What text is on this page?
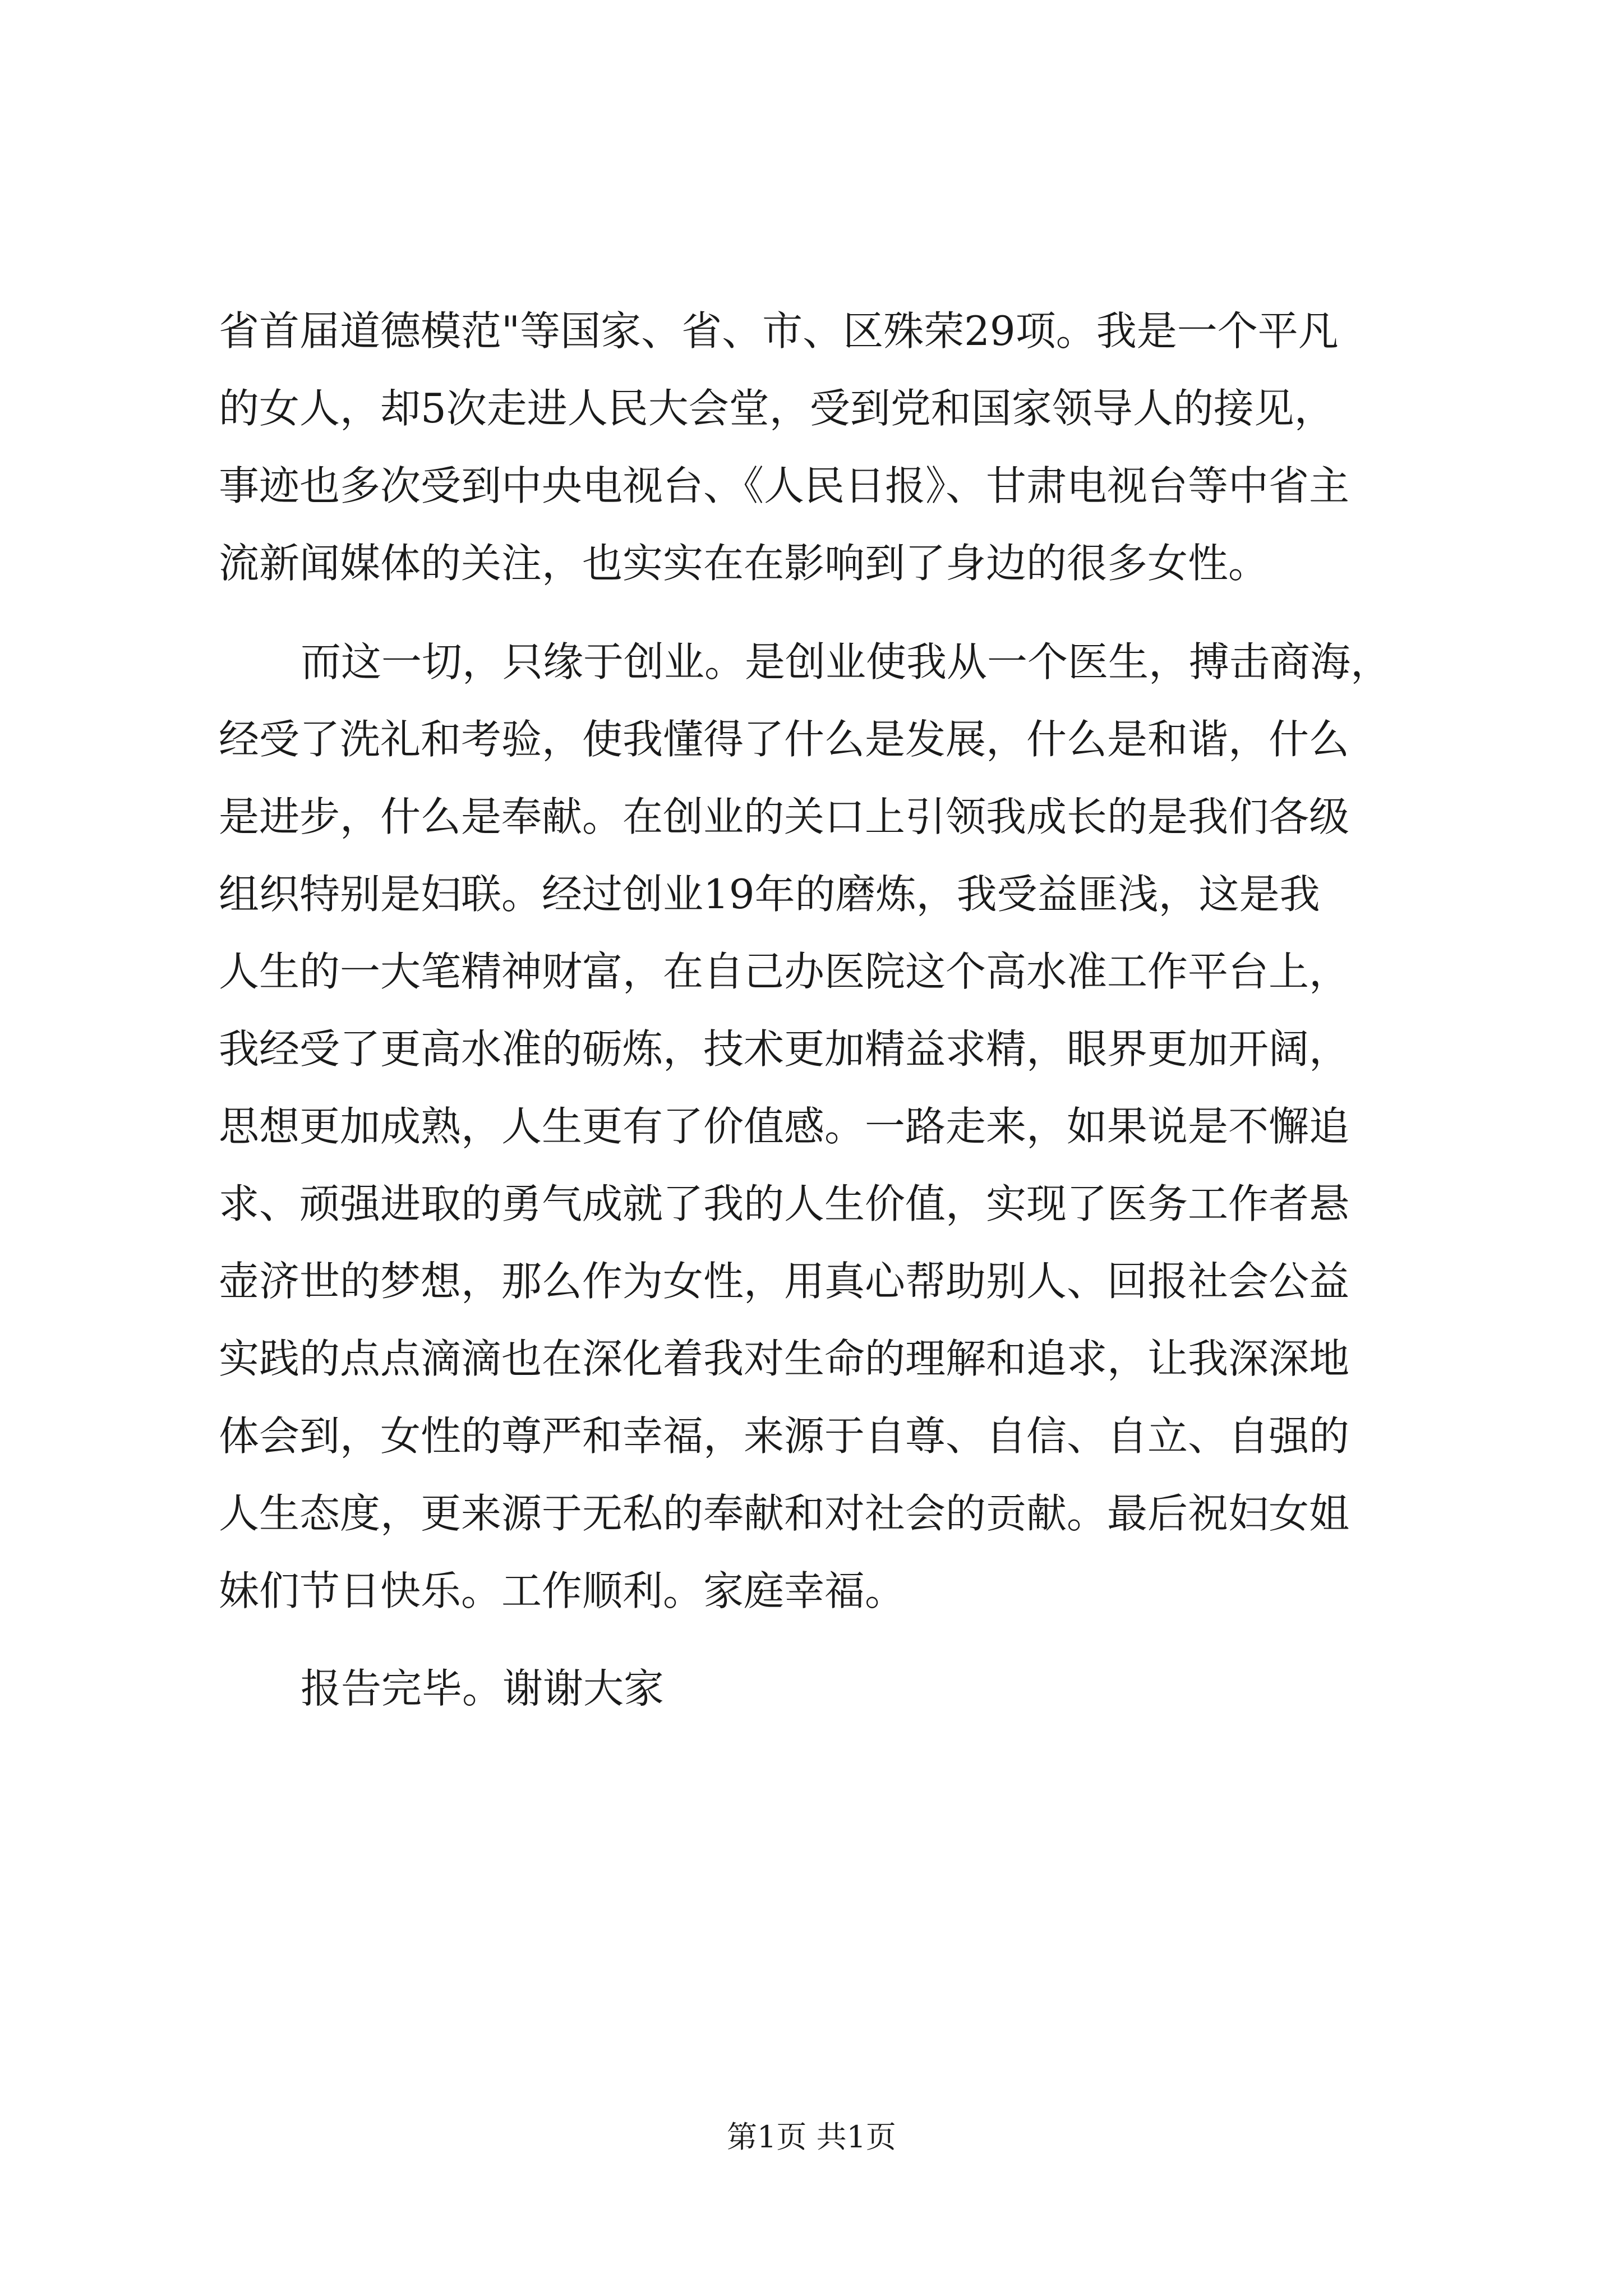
省首届道德模范"等国家、省、市、区殊荣29项。我是一个平凡
的女人，却5次走进人民大会堂，受到党和国家领导人的接见，
事迹也多次受到中央电视台、《人民日报》、甘肃电视台等中省主
流新闻媒体的关注，也实实在在影响到了身边的很多女性。
而这一切，只缘于创业。是创业使我从一个医生，搏击商海，
经受了洗礼和考验，使我懂得了什么是发展，什么是和谐，什么
是进步，什么是奉献。在创业的关口上引领我成长的是我们各级
组织特别是妇联。经过创业19年的磨炼，我受益匪浅，这是我
人生的一大笔精神财富，在自己办医院这个高水准工作平台上，
我经受了更高水准的砺炼，技术更加精益求精，眼界更加开阔，
思想更加成熟，人生更有了价值感。一路走来，如果说是不懈追
求、顽强进取的勇气成就了我的人生价值，实现了医务工作者悬
壶济世的梦想，那么作为女性，用真心帮助别人、回报社会公益
实践的点点滴滴也在深化着我对生命的理解和追求，让我深深地
体会到，女性的尊严和幸福，来源于自尊、自信、自立、自强的
人生态度，更来源于无私的奉献和对社会的贡献。最后祝妇女姐
妹们节日快乐。工作顺利。家庭幸福。
报告完毕。谢谢大家
第1页 共1页
